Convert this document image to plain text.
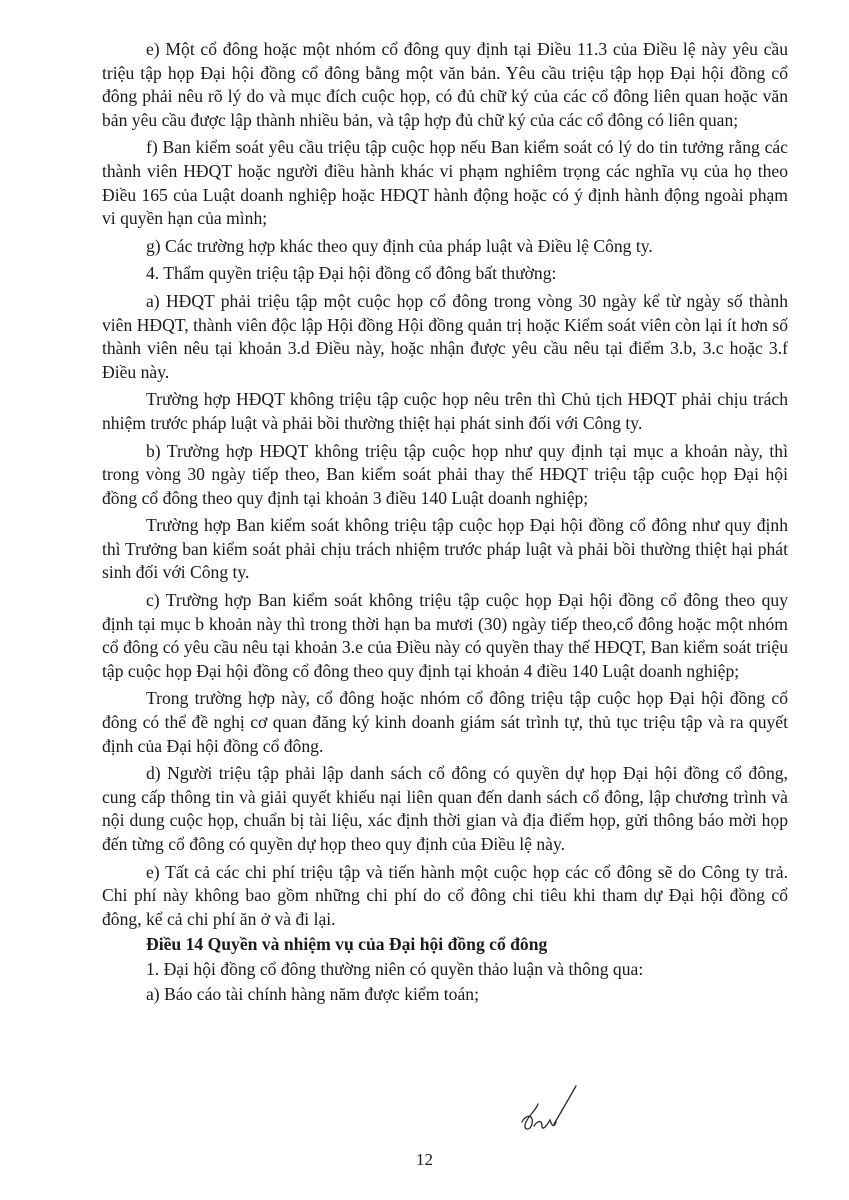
e) Một cổ đông hoặc một nhóm cổ đông quy định tại Điều 11.3 của Điều lệ này yêu cầu triệu tập họp Đại hội đồng cổ đông bằng một văn bản. Yêu cầu triệu tập họp Đại hội đồng cổ đông phải nêu rõ lý do và mục đích cuộc họp, có đủ chữ ký của các cổ đông liên quan hoặc văn bản yêu cầu được lập thành nhiều bản, và tập hợp đủ chữ ký của các cổ đông có liên quan;

f) Ban kiểm soát yêu cầu triệu tập cuộc họp nếu Ban kiểm soát có lý do tin tưởng rằng các thành viên HĐQT hoặc người điều hành khác vi phạm nghiêm trọng các nghĩa vụ của họ theo Điều 165 của Luật doanh nghiệp hoặc HĐQT hành động hoặc có ý định hành động ngoài phạm vi quyền hạn của mình;

g) Các trường hợp khác theo quy định của pháp luật và Điều lệ Công ty.

4. Thẩm quyền triệu tập Đại hội đồng cổ đông bất thường:

a) HĐQT phải triệu tập một cuộc họp cổ đông trong vòng 30 ngày kể từ ngày số thành viên HĐQT, thành viên độc lập Hội đồng Hội đồng quản trị hoặc Kiểm soát viên còn lại ít hơn số thành viên nêu tại khoản 3.d Điều này, hoặc nhận được yêu cầu nêu tại điểm 3.b, 3.c hoặc 3.f Điều này.

Trường hợp HĐQT không triệu tập cuộc họp nêu trên thì Chủ tịch HĐQT phải chịu trách nhiệm trước pháp luật và phải bồi thường thiệt hại phát sinh đối với Công ty.

b) Trường hợp HĐQT không triệu tập cuộc họp như quy định tại mục a khoản này, thì trong vòng 30 ngày tiếp theo, Ban kiểm soát phải thay thế HĐQT triệu tập cuộc họp Đại hội đồng cổ đông theo quy định tại khoản 3 điều 140 Luật doanh nghiệp;

Trường hợp Ban kiểm soát không triệu tập cuộc họp Đại hội đồng cổ đông như quy định thì Trưởng ban kiểm soát phải chịu trách nhiệm trước pháp luật và phải bồi thường thiệt hại phát sinh đối với Công ty.

c) Trường hợp Ban kiểm soát không triệu tập cuộc họp Đại hội đồng cổ đông theo quy định tại mục b khoản này thì trong thời hạn ba mươi (30) ngày tiếp theo,cổ đông hoặc một nhóm cổ đông có yêu cầu nêu tại khoản 3.e của Điều này có quyền thay thế HĐQT, Ban kiểm soát triệu tập cuộc họp Đại hội đồng cổ đông theo quy định tại khoản 4 điều 140 Luật doanh nghiệp;

Trong trường hợp này, cổ đông hoặc nhóm cổ đông triệu tập cuộc họp Đại hội đồng cổ đông có thể đề nghị cơ quan đăng ký kinh doanh giám sát trình tự, thủ tục triệu tập và ra quyết định của Đại hội đồng cổ đông.

d) Người triệu tập phải lập danh sách cổ đông có quyền dự họp Đại hội đồng cổ đông, cung cấp thông tin và giải quyết khiếu nại liên quan đến danh sách cổ đông, lập chương trình và nội dung cuộc họp, chuẩn bị tài liệu, xác định thời gian và địa điểm họp, gửi thông báo mời họp đến từng cổ đông có quyền dự họp theo quy định của Điều lệ này.

e) Tất cả các chi phí triệu tập và tiến hành một cuộc họp các cổ đông sẽ do Công ty trả. Chi phí này không bao gồm những chi phí do cổ đông chi tiêu khi tham dự Đại hội đồng cổ đông, kể cả chi phí ăn ở và đi lại.

Điều 14 Quyền và nhiệm vụ của Đại hội đồng cổ đông

1. Đại hội đồng cổ đông thường niên có quyền thảo luận và thông qua:

a) Báo cáo tài chính hàng năm được kiểm toán;

12
